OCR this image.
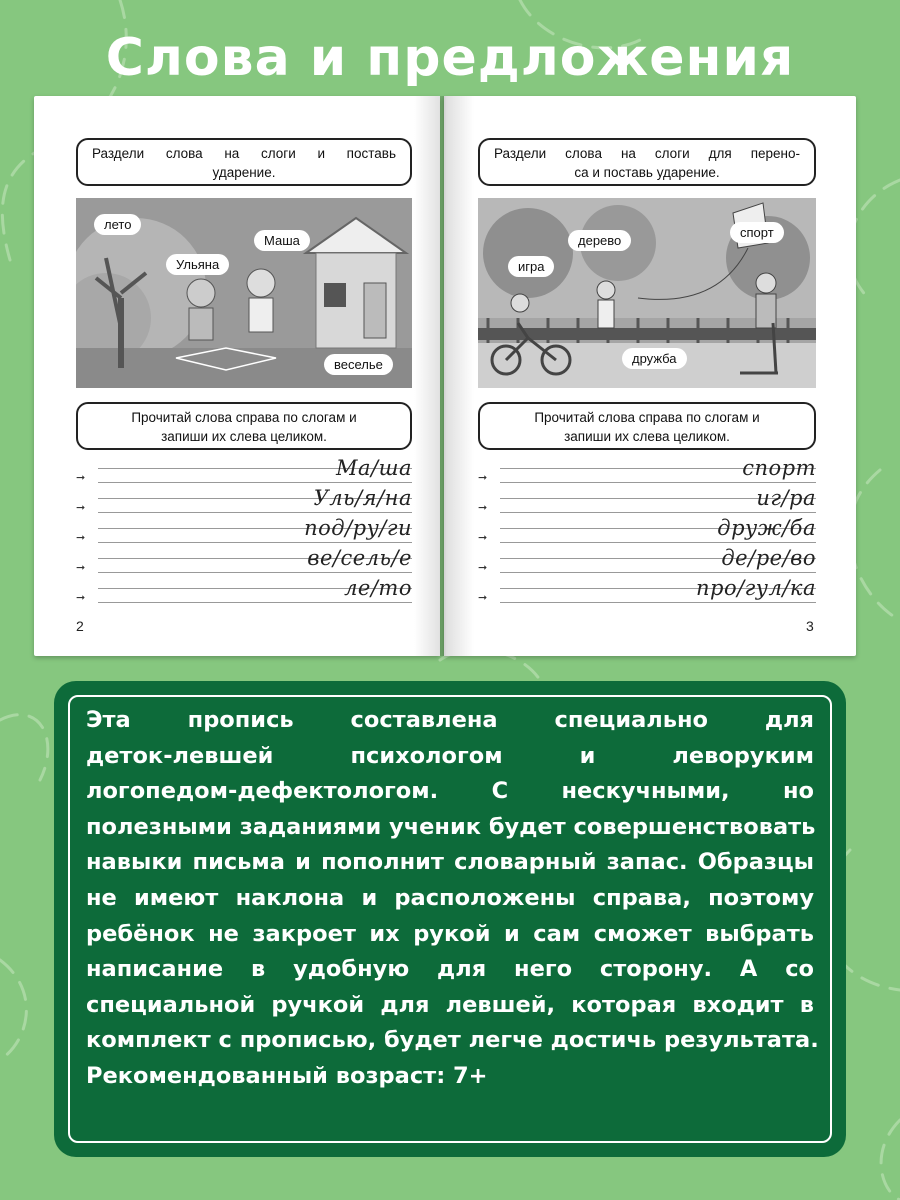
Слова и предложения
Раздели слова на слоги и поставь
ударение.
лето
Ульяна
Маша
веселье
Прочитай слова справа по слогам и
запиши их слева целиком.
➞	Ма/ша
➞	Уль/я/на
➞	под/ру/ги
➞	ве/сель/е
➞	ле/то
2
Раздели слова на слоги для перено-
са и поставь ударение.
дерево
спорт
игра
дружба
Прочитай слова справа по слогам и
запиши их слева целиком.
➞	спорт
➞	иг/ра
➞	друж/ба
➞	де/ре/во
➞	про/гул/ка
3
Эта пропись составлена специально для
деток-левшей психологом и леворуким
логопедом-дефектологом. С нескучными, но
полезными заданиями ученик будет совершенствовать
навыки письма и пополнит словарный запас. Образцы
не имеют наклона и расположены справа, поэтому
ребёнок не закроет их рукой и сам сможет выбрать
написание в удобную для него сторону. А со
специальной ручкой для левшей, которая входит в
комплект с прописью, будет легче достичь результата.
Рекомендованный возраст: 7+
